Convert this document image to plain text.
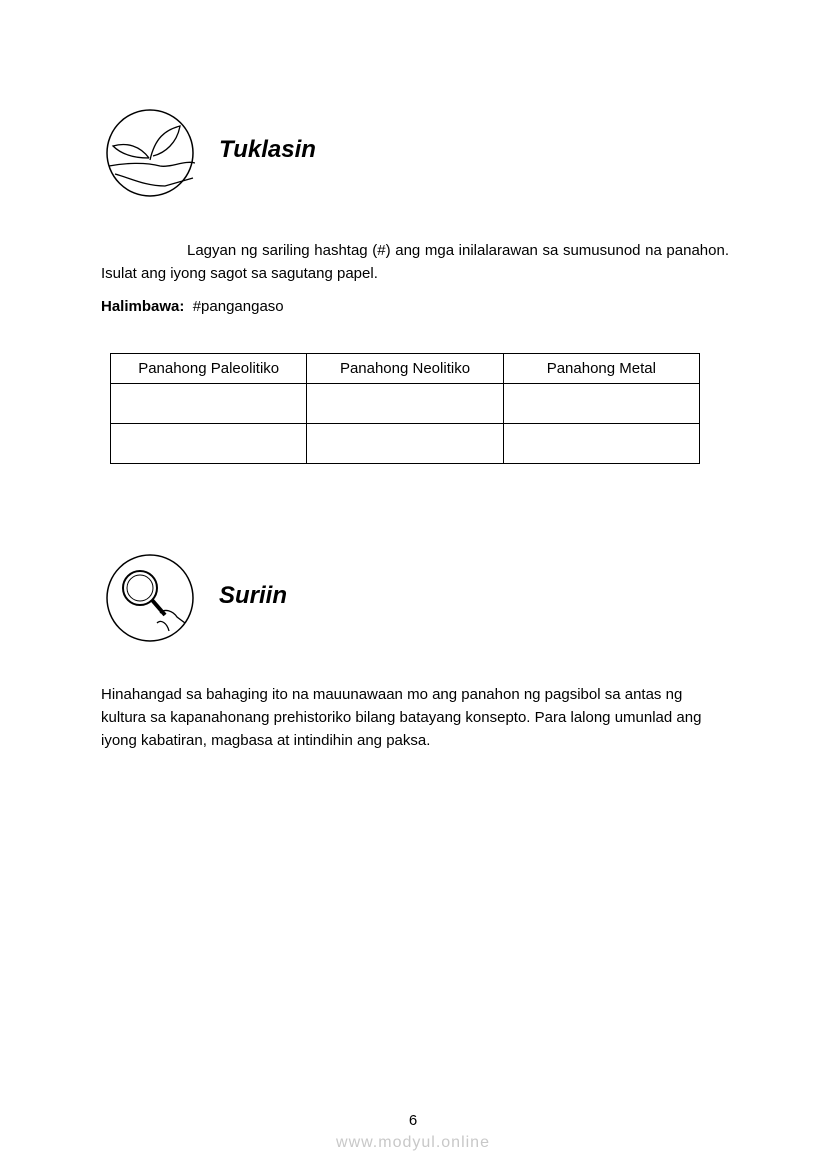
Tuklasin
Lagyan ng sariling hashtag (#) ang mga inilalarawan sa sumusunod na panahon. Isulat ang iyong sagot sa sagutang papel.
Halimbawa: #pangangaso
Panahong Paleolitiko	Panahong Neolitiko	Panahong Metal

Suriin
Hinahangad sa bahaging ito na mauunawaan mo ang panahon ng pagsibol sa antas ng kultura sa kapanahonang prehistoriko bilang batayang konsepto. Para lalong umunlad ang iyong kabatiran, magbasa at intindihin ang paksa.
6
www.modyul.online
